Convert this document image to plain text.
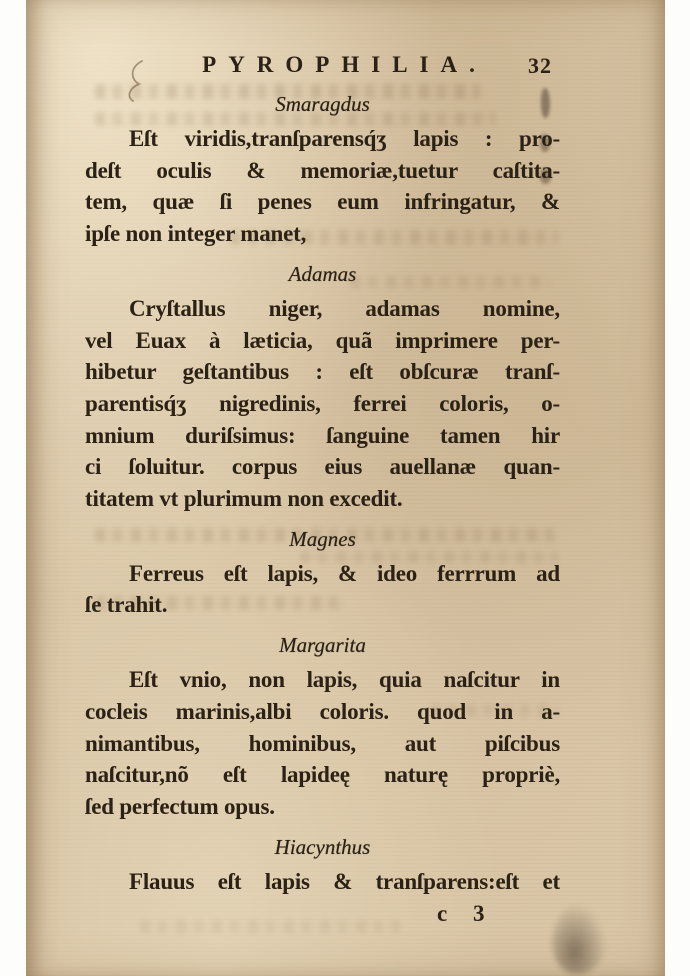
PYROPHILIA.	32
Smaragdus
Eſt viridis,tranſparensq́ʒ lapis : pro-
deſt oculis & memoriæ,tuetur caſtita-
tem, quæ ſi penes eum infringatur, &
ipſe non integer manet,
Adamas
Cryſtallus niger, adamas nomine,
vel Euax à læticia, quã imprimere per-
hibetur geſtantibus : eſt obſcuræ tranſ-
parentisq́ʒ nigredinis, ferrei coloris, o-
mnium duriſsimus: ſanguine tamen hir
ci ſoluitur. corpus eius auellanæ quan-
titatem vt plurimum non excedit.
Magnes
Ferreus eſt lapis, & ideo ferrrum ad
ſe trahit.
Margarita
Eſt vnio, non lapis, quia naſcitur in
cocleis marinis,albi coloris. quod in a-
nimantibus, hominibus, aut piſcibus
naſcitur,nõ eſt lapideę naturę propriè,
ſed perfectum opus.
Hiacynthus
Flauus eſt lapis & tranſparens:eſt et
c 3
